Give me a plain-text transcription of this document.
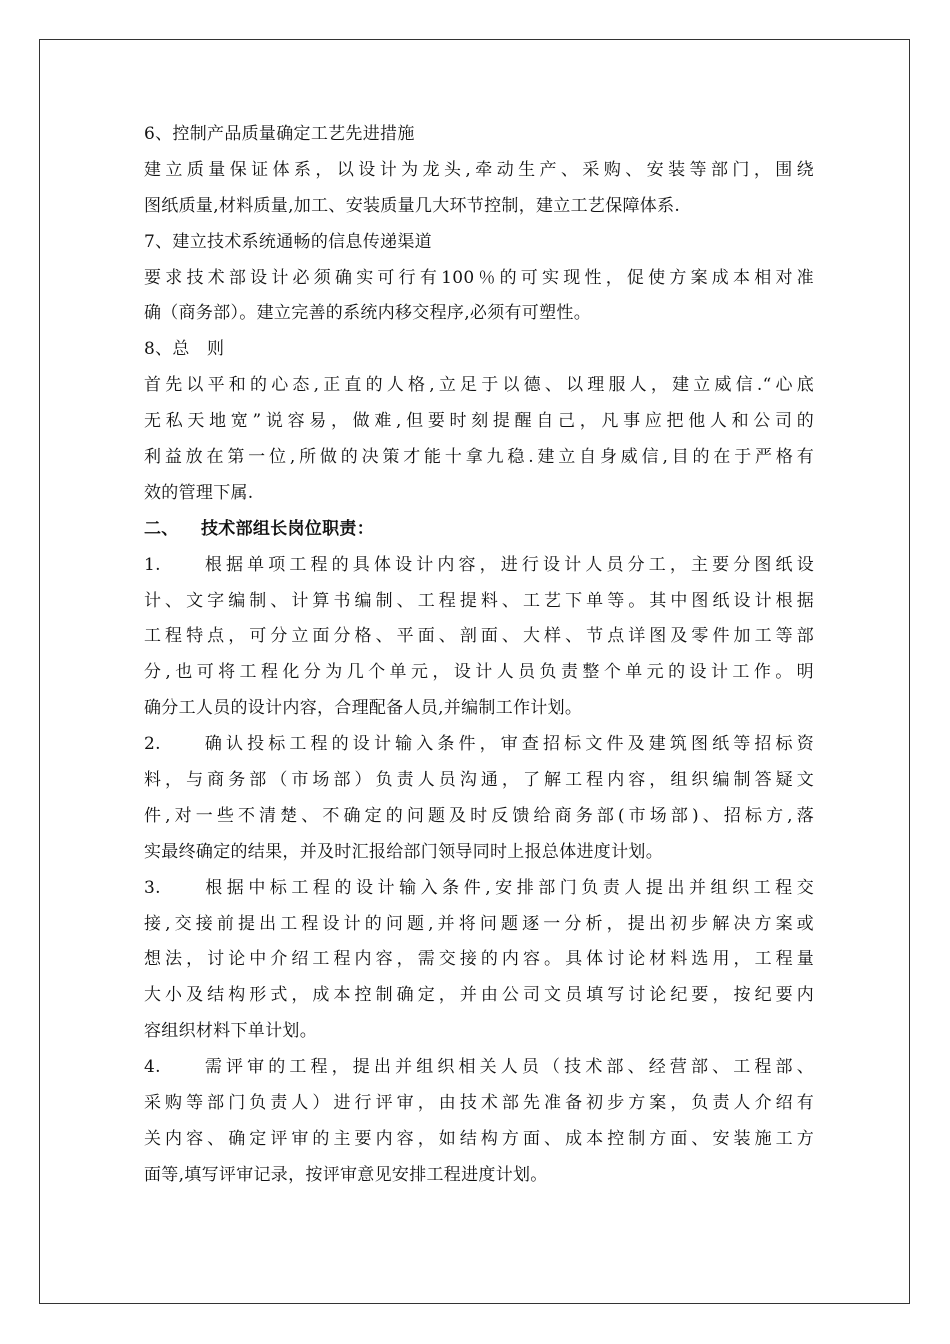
6、控制产品质量确定工艺先进措施
建立质量保证体系，以设计为龙头,牵动生产、采购、安装等部门，围绕
图纸质量,材料质量,加工、安装质量几大环节控制，建立工艺保障体系.
7、建立技术系统通畅的信息传递渠道
要求技术部设计必须确实可行有100％的可实现性，促使方案成本相对准
确（商务部）。建立完善的系统内移交程序,必须有可塑性。
8、总　则
首先以平和的心态,正直的人格,立足于以德、以理服人，建立威信.“心底
无私天地宽”说容易，做难,但要时刻提醒自己，凡事应把他人和公司的
利益放在第一位,所做的决策才能十拿九稳.建立自身威信,目的在于严格有
效的管理下属.
二、 技术部组长岗位职责：
1. 根据单项工程的具体设计内容，进行设计人员分工，主要分图纸设
计、文字编制、计算书编制、工程提料、工艺下单等。其中图纸设计根据
工程特点，可分立面分格、平面、剖面、大样、节点详图及零件加工等部
分,也可将工程化分为几个单元，设计人员负责整个单元的设计工作。明
确分工人员的设计内容，合理配备人员,并编制工作计划。
2. 确认投标工程的设计输入条件，审查招标文件及建筑图纸等招标资
料，与商务部（市场部）负责人员沟通，了解工程内容，组织编制答疑文
件,对一些不清楚、不确定的问题及时反馈给商务部(市场部)、招标方,落
实最终确定的结果，并及时汇报给部门领导同时上报总体进度计划。
3. 根据中标工程的设计输入条件,安排部门负责人提出并组织工程交
接,交接前提出工程设计的问题,并将问题逐一分析，提出初步解决方案或
想法，讨论中介绍工程内容，需交接的内容。具体讨论材料选用，工程量
大小及结构形式，成本控制确定，并由公司文员填写讨论纪要，按纪要内
容组织材料下单计划。
4. 需评审的工程，提出并组织相关人员（技术部、经营部、工程部、
采购等部门负责人）进行评审，由技术部先准备初步方案，负责人介绍有
关内容、确定评审的主要内容，如结构方面、成本控制方面、安装施工方
面等,填写评审记录，按评审意见安排工程进度计划。
